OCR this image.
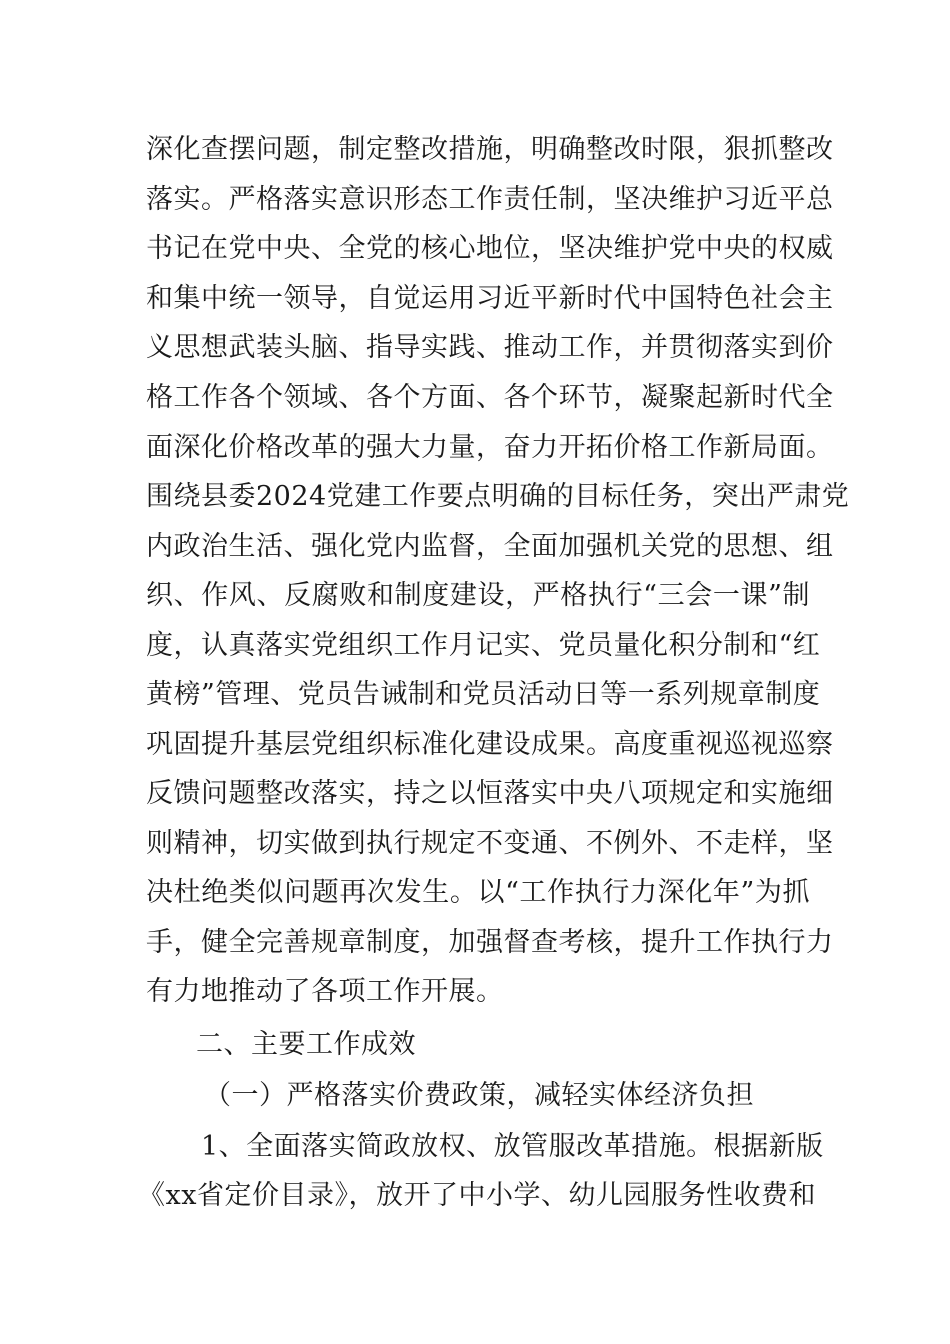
深化查摆问题，制定整改措施，明确整改时限，狠抓整改
落实。严格落实意识形态工作责任制，坚决维护习近平总
书记在党中央、全党的核心地位，坚决维护党中央的权威
和集中统一领导，自觉运用习近平新时代中国特色社会主
义思想武装头脑、指导实践、推动工作，并贯彻落实到价
格工作各个领域、各个方面、各个环节，凝聚起新时代全
面深化价格改革的强大力量，奋力开拓价格工作新局面。
围绕县委2024党建工作要点明确的目标任务，突出严肃党
内政治生活、强化党内监督，全面加强机关党的思想、组
织、作风、反腐败和制度建设，严格执行“三会一课”制
度，认真落实党组织工作月记实、党员量化积分制和“红
黄榜”管理、党员告诫制和党员活动日等一系列规章制度
巩固提升基层党组织标准化建设成果。高度重视巡视巡察
反馈问题整改落实，持之以恒落实中央八项规定和实施细
则精神，切实做到执行规定不变通、不例外、不走样，坚
决杜绝类似问题再次发生。以“工作执行力深化年”为抓
手，健全完善规章制度，加强督查考核，提升工作执行力
有力地推动了各项工作开展。
二、主要工作成效
（一）严格落实价费政策，减轻实体经济负担
1、全面落实简政放权、放管服改革措施。根据新版
《xx省定价目录》，放开了中小学、幼儿园服务性收费和
